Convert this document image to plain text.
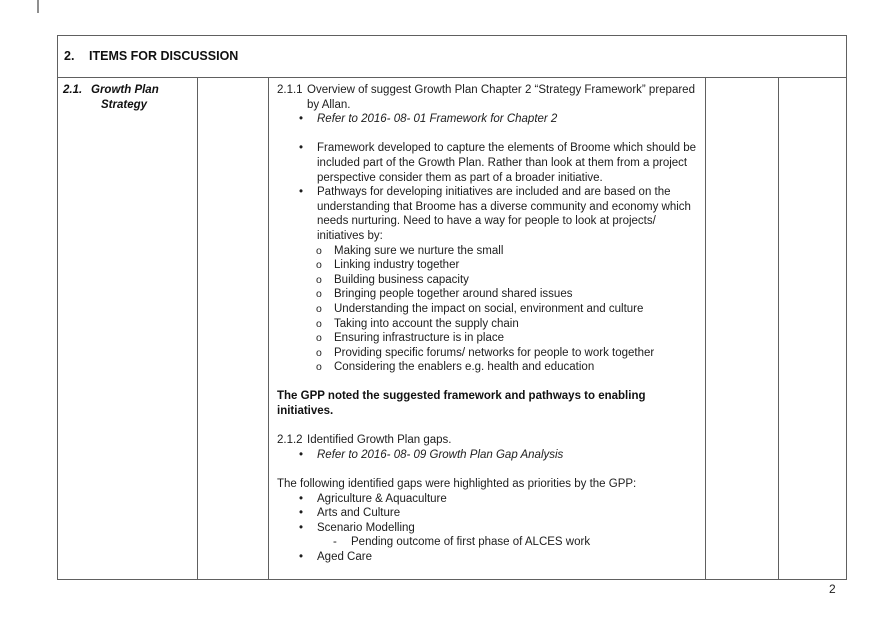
2.	ITEMS FOR DISCUSSION
2.1. Growth Plan
Strategy
2.1.1 Overview of suggest Growth Plan Chapter 2 “Strategy Framework” prepared by Allan.
•	Refer to 2016- 08- 01 Framework for Chapter 2
•	Framework developed to capture the elements of Broome which should be included part of the Growth Plan. Rather than look at them from a project perspective consider them as part of a broader initiative.
•	Pathways for developing initiatives are included and are based on the understanding that Broome has a diverse community and economy which needs nurturing. Need to have a way for people to look at projects/ initiatives by:
o	Making sure we nurture the small
o	Linking industry together
o	Building business capacity
o	Bringing people together around shared issues
o	Understanding the impact on social, environment and culture
o	Taking into account the supply chain
o	Ensuring infrastructure is in place
o	Providing specific forums/ networks for people to work together
o	Considering the enablers e.g. health and education
The GPP noted the suggested framework and pathways to enabling initiatives.
2.1.2 Identified Growth Plan gaps.
•	Refer to 2016- 08- 09 Growth Plan Gap Analysis
The following identified gaps were highlighted as priorities by the GPP:
•	Agriculture & Aquaculture
•	Arts and Culture
•	Scenario Modelling
-	Pending outcome of first phase of ALCES work
•	Aged Care
2
